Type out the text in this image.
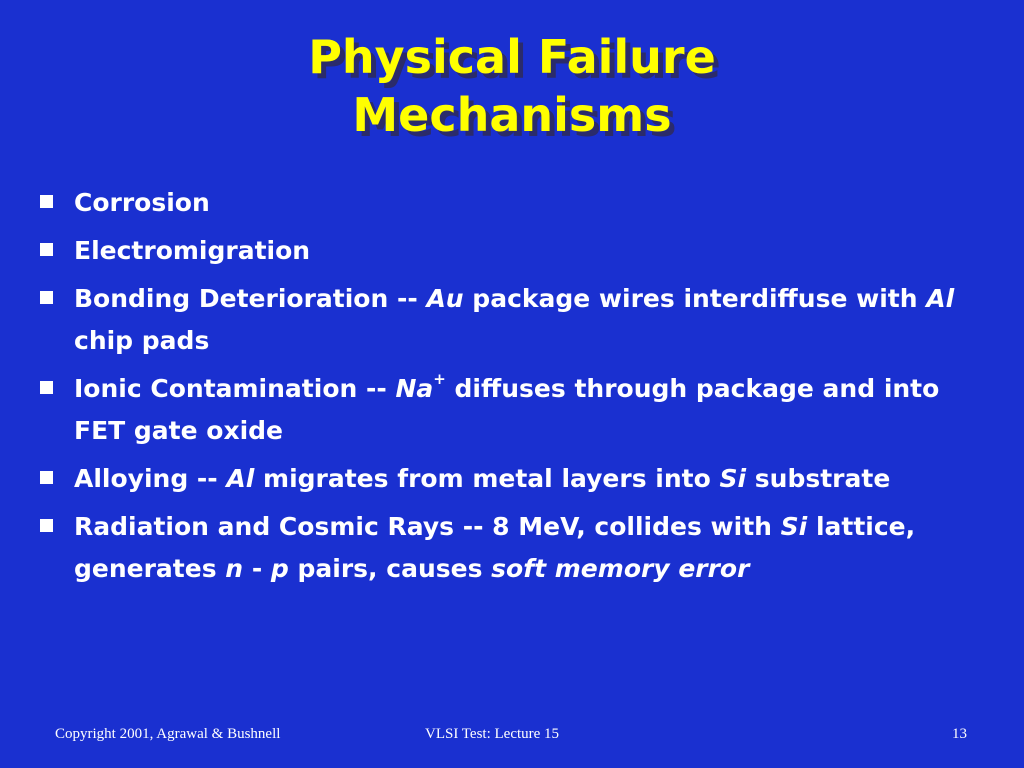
Physical Failure
Mechanisms
Corrosion
Electromigration
Bonding Deterioration -- Au package wires interdiffuse with Al chip pads
Ionic Contamination -- Na+ diffuses through package and into FET gate oxide
Alloying -- Al migrates from metal layers into Si substrate
Radiation and Cosmic Rays -- 8 MeV, collides with Si lattice, generates n - p pairs, causes soft memory error
Copyright 2001, Agrawal & Bushnell	VLSI Test: Lecture 15	13
